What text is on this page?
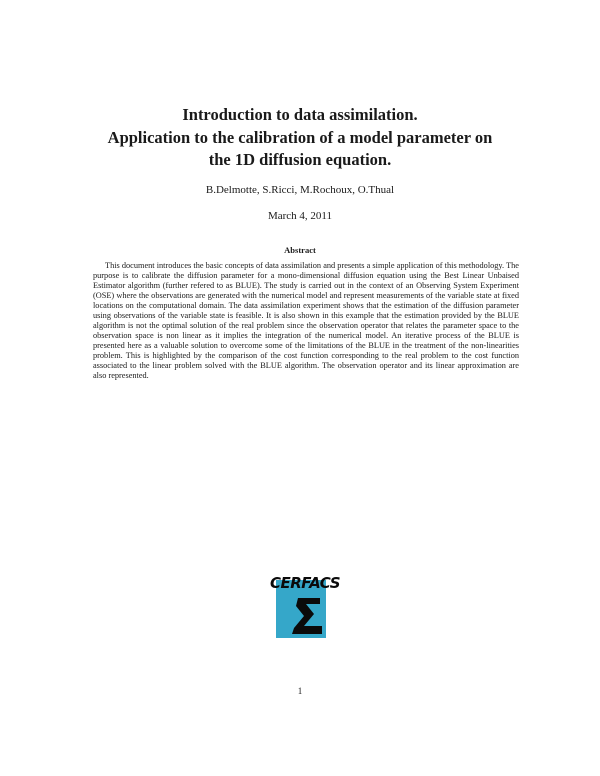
Introduction to data assimilation.
Application to the calibration of a model parameter on
the 1D diffusion equation.
B.Delmotte, S.Ricci, M.Rochoux, O.Thual
March 4, 2011
Abstract
This document introduces the basic concepts of data assimilation and presents a simple application of this methodology. The purpose is to calibrate the diffusion parameter for a mono-dimensional diffusion equation using the Best Linear Unbaised Estimator algorithm (further refered to as BLUE). The study is carried out in the context of an Observing System Experiment (OSE) where the observations are generated with the numerical model and represent measurements of the variable state at fixed locations on the computational domain. The data assimilation experiment shows that the estimation of the diffusion parameter using observations of the variable state is feasible. It is also shown in this example that the estimation provided by the BLUE algorithm is not the optimal solution of the real problem since the observation operator that relates the parameter space to the observation space is non linear as it implies the integration of the numerical model. An iterative process of the BLUE is presented here as a valuable solution to overcome some of the limitations of the BLUE in the treatment of the non-linearities problem. This is highlighted by the comparison of the cost function corresponding to the real problem to the cost function associated to the linear problem solved with the BLUE algorithm. The observation operator and its linear approximation are also represented.
CERFACS
1
